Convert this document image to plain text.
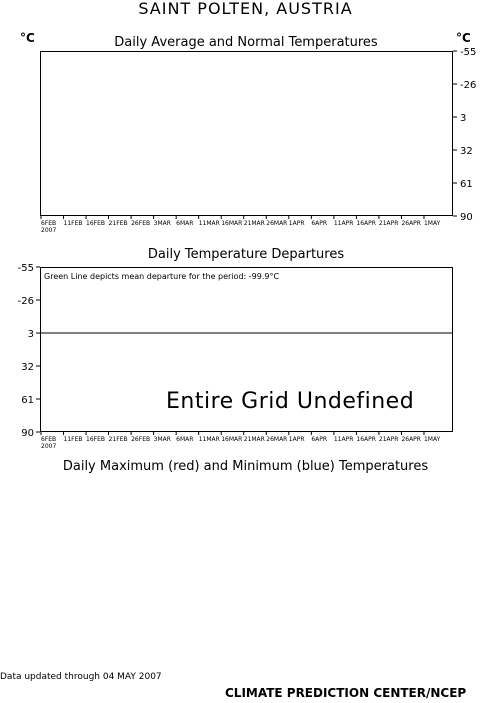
SAINT POLTEN, AUSTRIA
Daily Average and Normal Temperatures
°C	°C
-55
-26
3
32
61
90
6FEB 11FEB 16FEB 21FEB 26FEB 3MAR 6MAR 11MAR 16MAR 21MAR 26MAR 1APR 6APR 11APR 16APR 21APR 26APR 1MAY
2007
Daily Temperature Departures
Green Line depicts mean departure for the period: -99.9°C
Entire Grid Undefined
-55
-26
3
32
61
90
6FEB 11FEB 16FEB 21FEB 26FEB 3MAR 6MAR 11MAR 16MAR 21MAR 26MAR 1APR 6APR 11APR 16APR 21APR 26APR 1MAY
2007
Daily Maximum (red) and Minimum (blue) Temperatures
Data updated through 04 MAY 2007
CLIMATE PREDICTION CENTER/NCEP
